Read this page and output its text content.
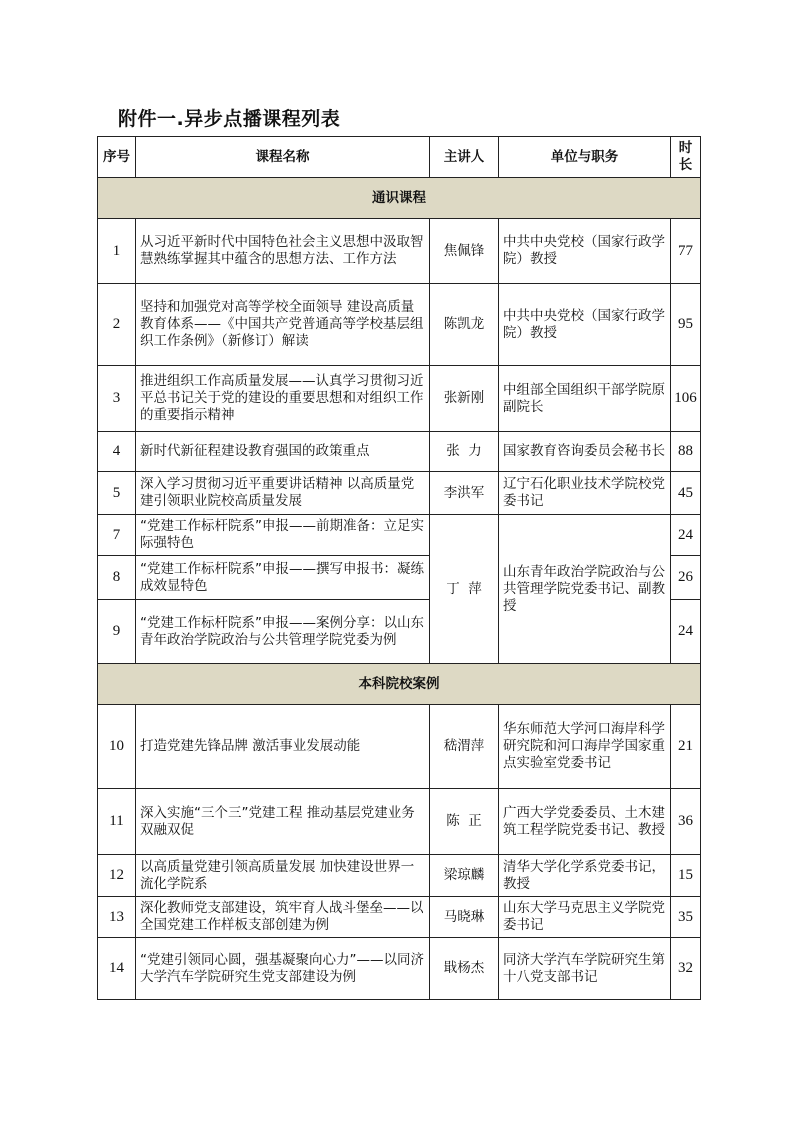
附件一.异步点播课程列表
序号	课程名称	主讲人	单位与职务	时长

通识课程				
1	从习近平新时代中国特色社会主义思想中汲取智慧熟练掌握其中蕴含的思想方法、工作方法	焦佩锋	中共中央党校（国家行政学院）教授	77
2	坚持和加强党对高等学校全面领导 建设高质量教育体系——《中国共产党普通高等学校基层组织工作条例》（新修订）解读	陈凯龙	中共中央党校（国家行政学院）教授	95
3	推进组织工作高质量发展——认真学习贯彻习近平总书记关于党的建设的重要思想和对组织工作的重要指示精神	张新刚	中组部全国组织干部学院原副院长	106

4	新时代新征程建设教育强国的政策重点	张  力	国家教育咨询委员会秘书长	88
5	深入学习贯彻习近平重要讲话精神 以高质量党建引领职业院校高质量发展	李洪军	辽宁石化职业技术学院校党委书记	45
7	“党建工作标杆院系”申报——前期准备：立足实际强特色	丁  萍	山东青年政治学院政治与公共管理学院党委书记、副教授	24
8	“党建工作标杆院系”申报——撰写申报书：凝练成效显特色			26
9	“党建工作标杆院系”申报——案例分享：以山东青年政治学院政治与公共管理学院党委为例			24
本科院校案例				
10	打造党建先锋品牌 激活事业发展动能	嵇渭萍	华东师范大学河口海岸科学研究院和河口海岸学国家重点实验室党委书记	21
11	深入实施“三个三”党建工程 推动基层党建业务双融双促	陈  正	广西大学党委委员、土木建筑工程学院党委书记、教授	36
12	以高质量党建引领高质量发展 加快建设世界一流化学院系	梁琼麟	清华大学化学系党委书记，教授	15
13	深化教师党支部建设，筑牢育人战斗堡垒——以全国党建工作样板支部创建为例	马晓琳	山东大学马克思主义学院党委书记	35
14	“党建引领同心圆，强基凝聚向心力”——以同济大学汽车学院研究生党支部建设为例	戢杨杰	同济大学汽车学院研究生第十八党支部书记	32
